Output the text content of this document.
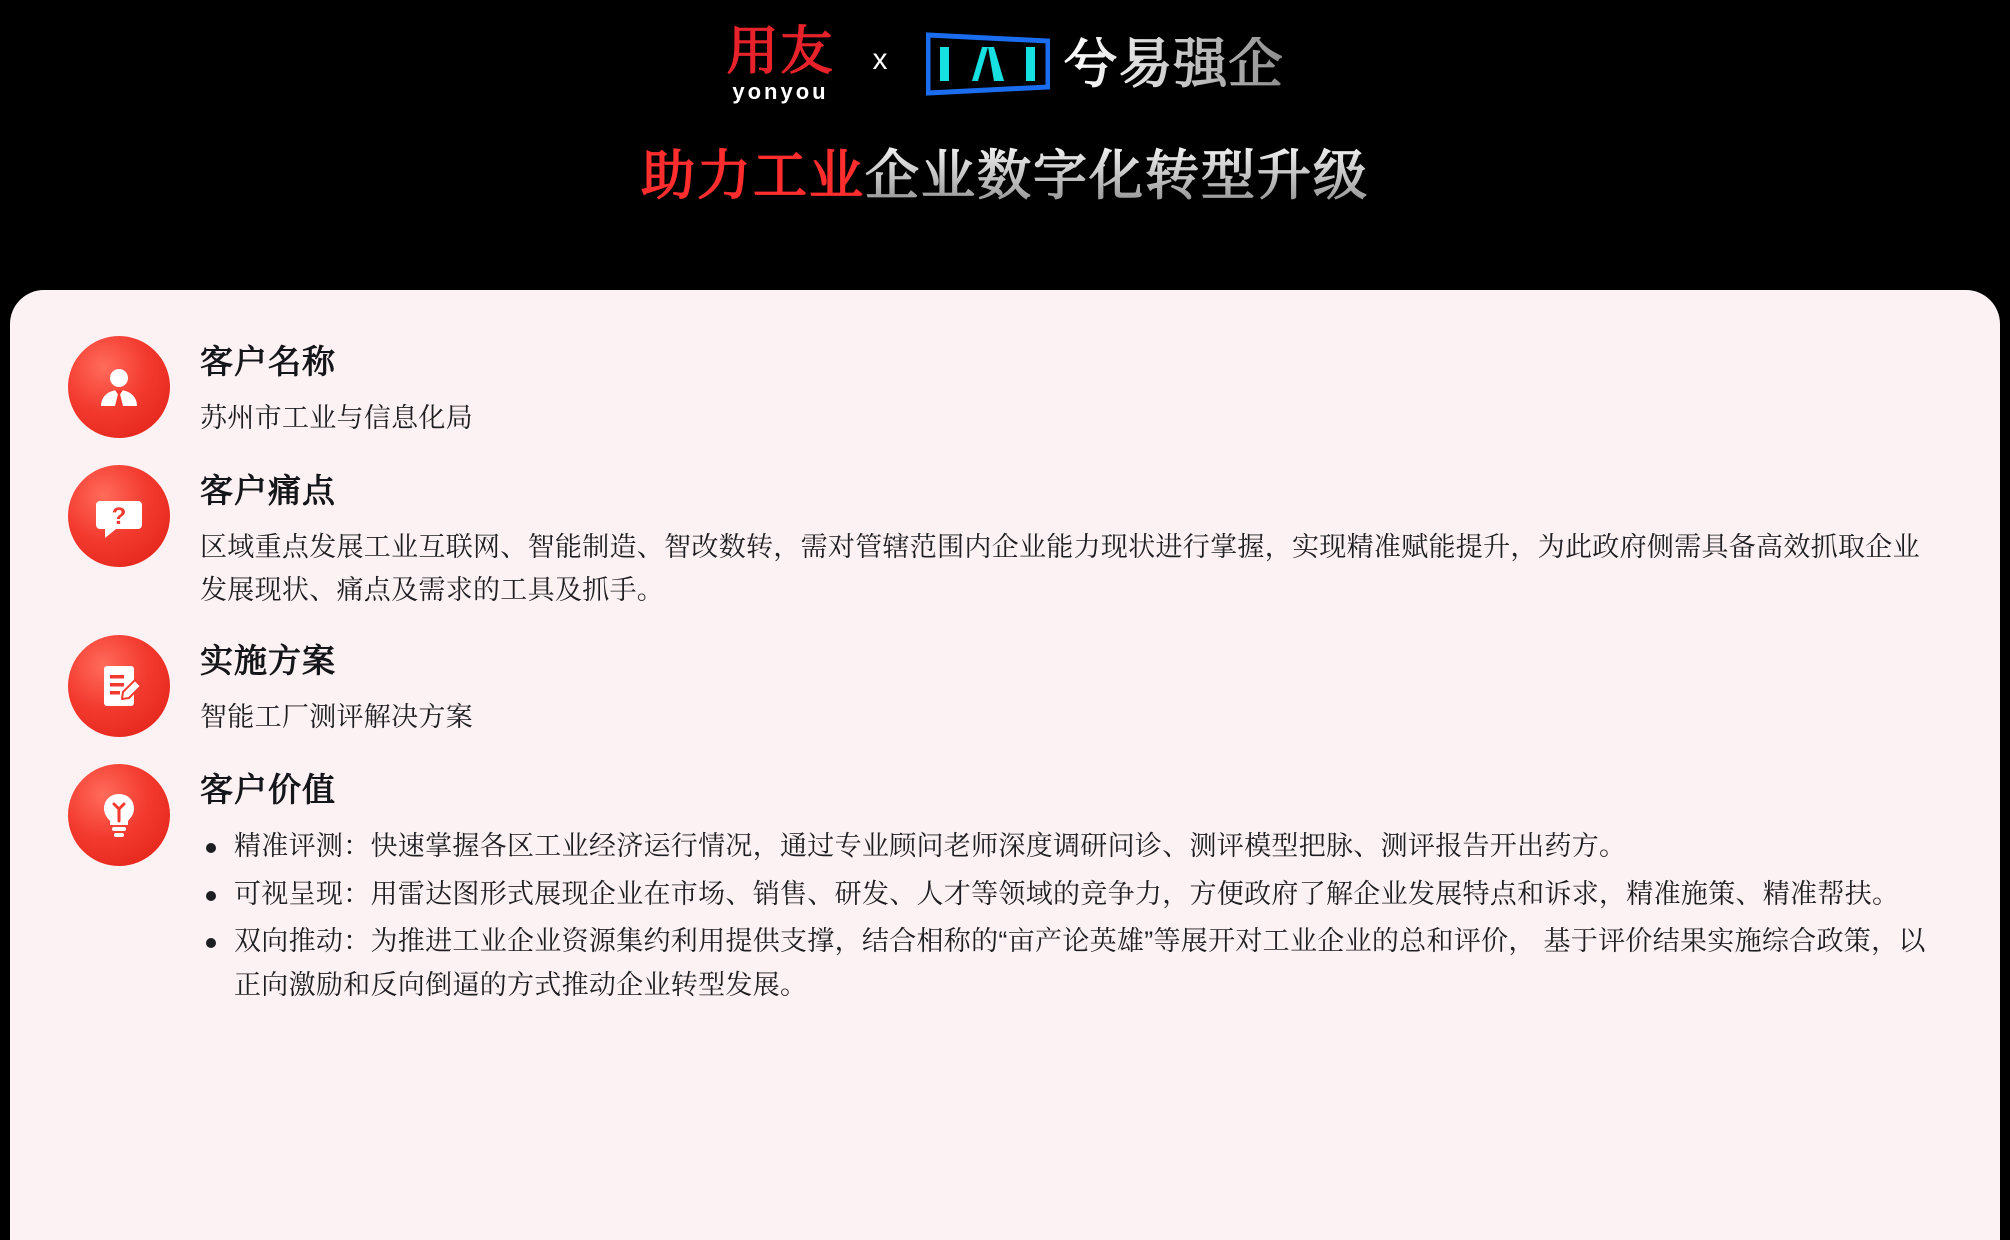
用友
yonyou
x	兮易强企
助力工业企业数字化转型升级
客户名称
苏州市工业与信息化局
?
客户痛点
区域重点发展工业互联网、智能制造、智改数转，需对管辖范围内企业能力现状进行掌握，实现精准赋能提升，为此政府侧需具备高效抓取企业发展现状、痛点及需求的工具及抓手。
实施方案
智能工厂测评解决方案
客户价值
精准评测：快速掌握各区工业经济运行情况，通过专业顾问老师深度调研问诊、测评模型把脉、测评报告开出药方。
可视呈现：用雷达图形式展现企业在市场、销售、研发、人才等领域的竞争力，方便政府了解企业发展特点和诉求，精准施策、精准帮扶。
双向推动：为推进工业企业资源集约利用提供支撑，结合相称的“亩产论英雄”等展开对工业企业的总和评价， 基于评价结果实施综合政策，以正向激励和反向倒逼的方式推动企业转型发展。
